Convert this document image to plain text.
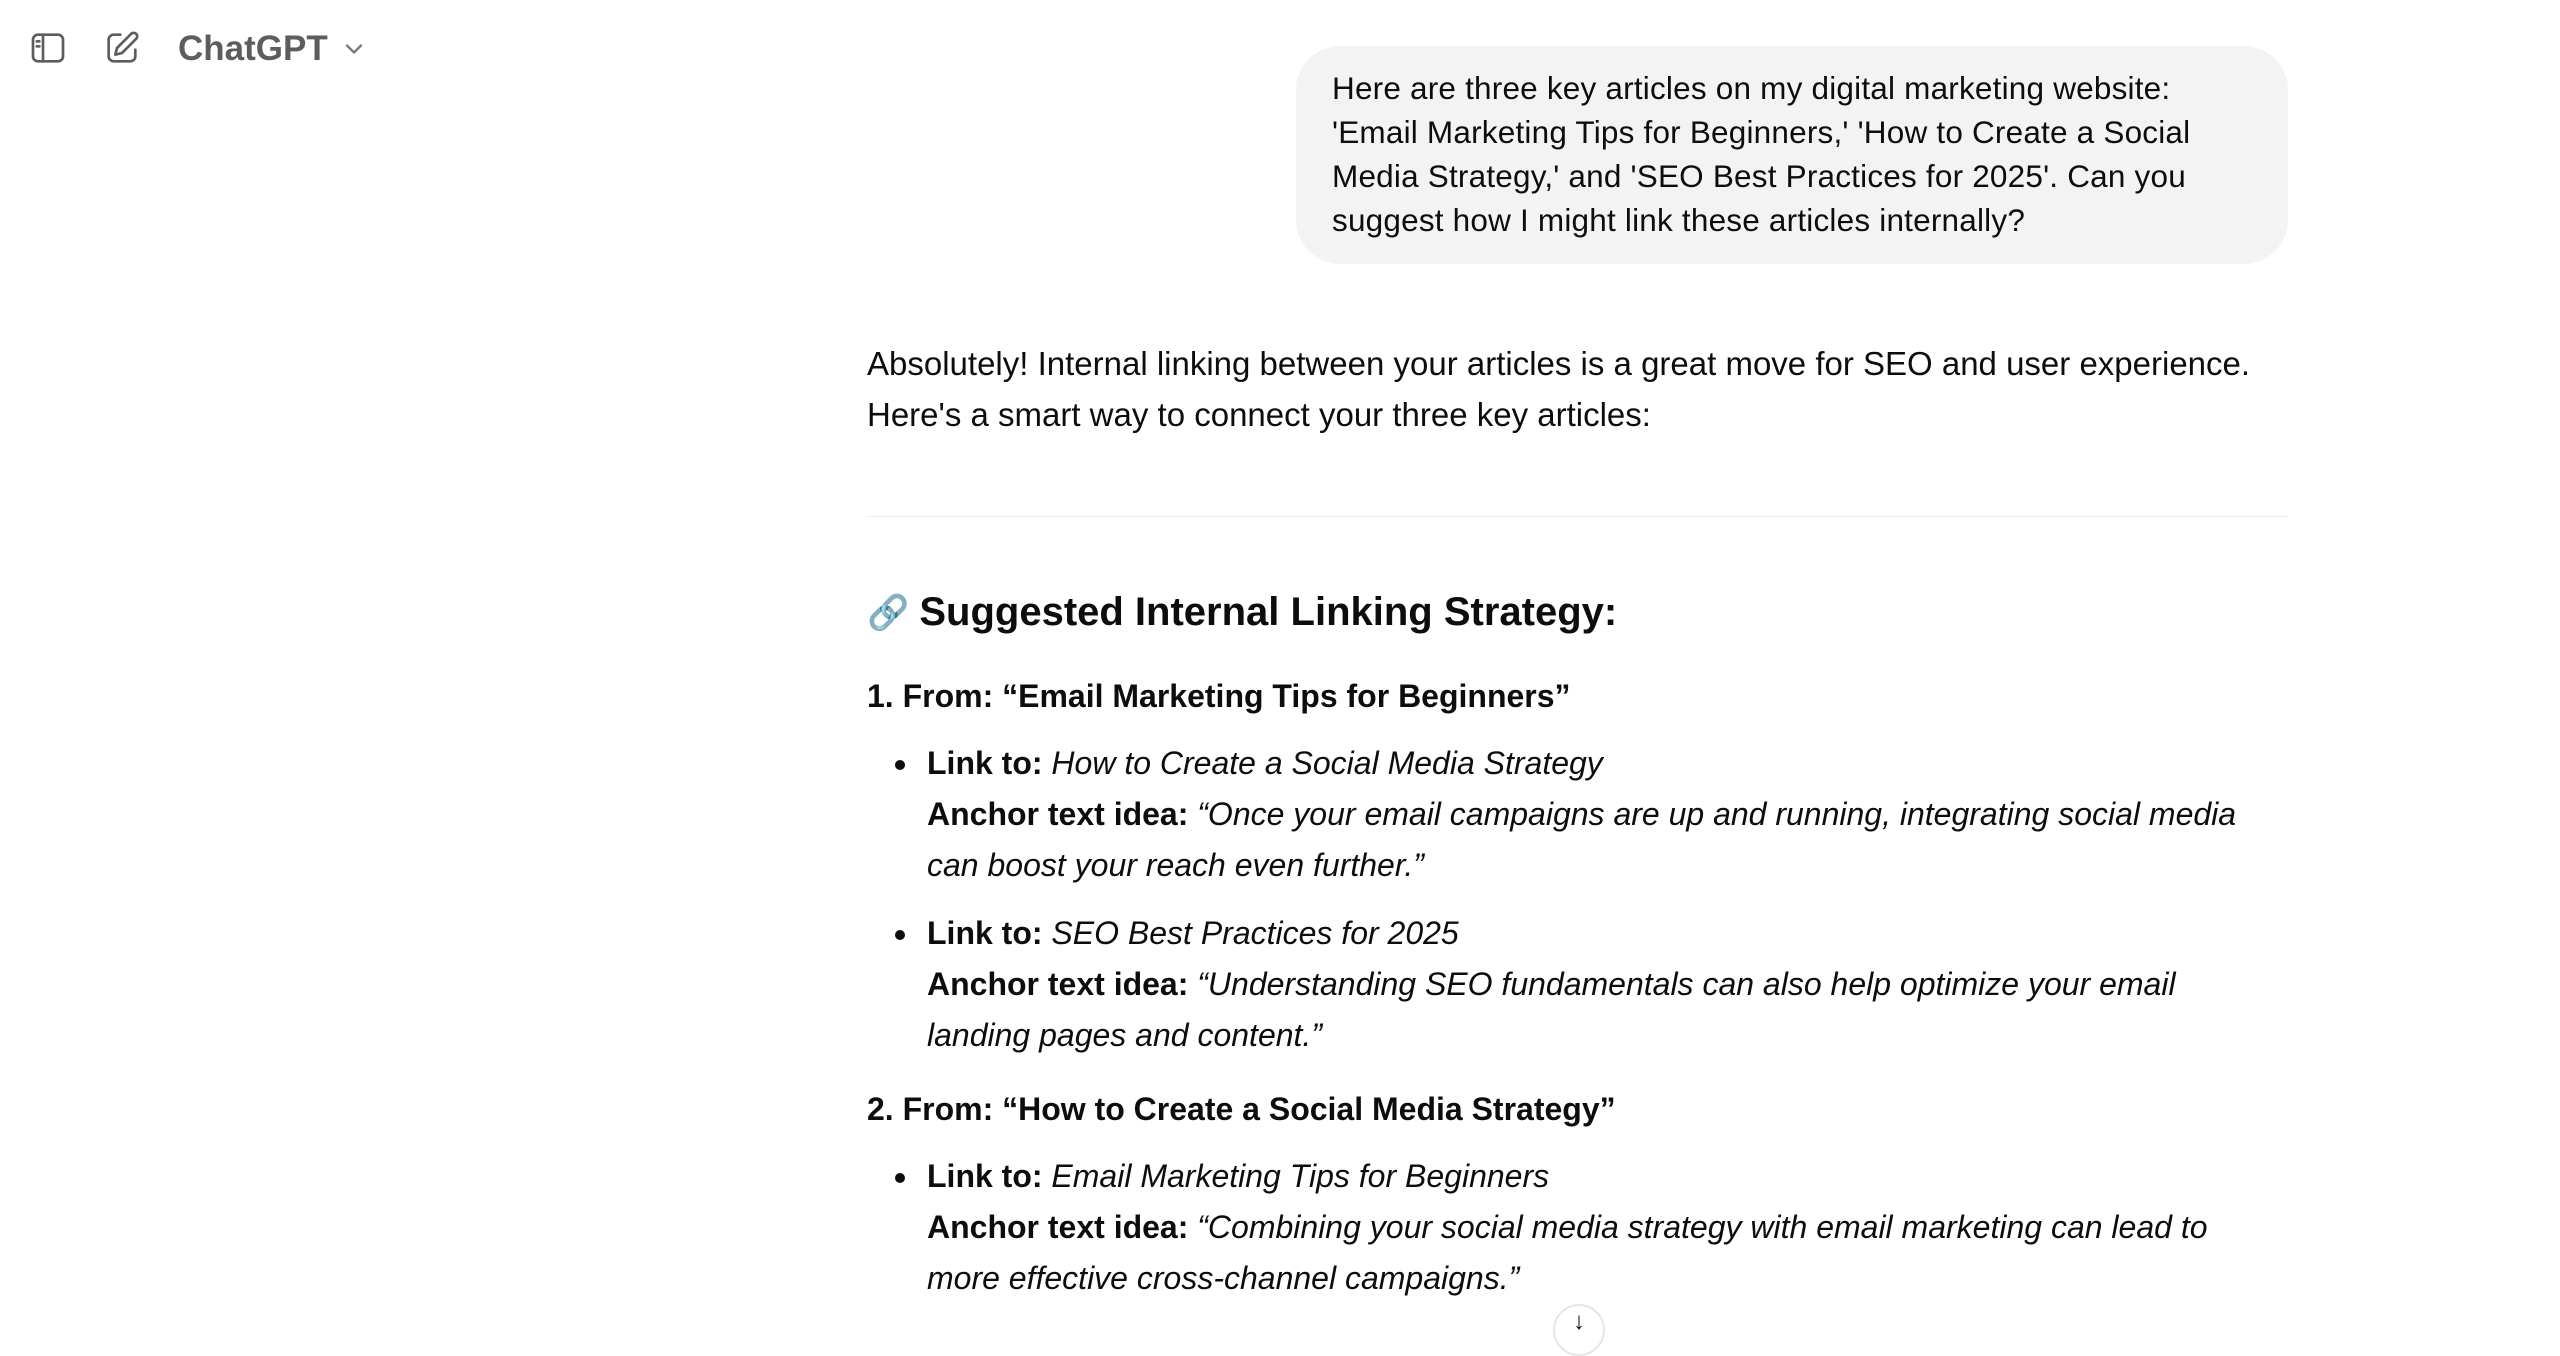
ChatGPT
Here are three key articles on my digital marketing website: 'Email Marketing Tips for Beginners,' 'How to Create a Social Media Strategy,' and 'SEO Best Practices for 2025'. Can you suggest how I might link these articles internally?

Absolutely! Internal linking between your articles is a great move for SEO and user experience. Here's a smart way to connect your three key articles:

🔗 Suggested Internal Linking Strategy:
1. From: “Email Marketing Tips for Beginners”
Link to: How to Create a Social Media Strategy
Anchor text idea: “Once your email campaigns are up and running, integrating social media can boost your reach even further.”
Link to: SEO Best Practices for 2025
Anchor text idea: “Understanding SEO fundamentals can also help optimize your email landing pages and content.”
2. From: “How to Create a Social Media Strategy”
Link to: Email Marketing Tips for Beginners
Anchor text idea: “Combining your social media strategy with email marketing can lead to more effective cross-channel campaigns.”
↓
